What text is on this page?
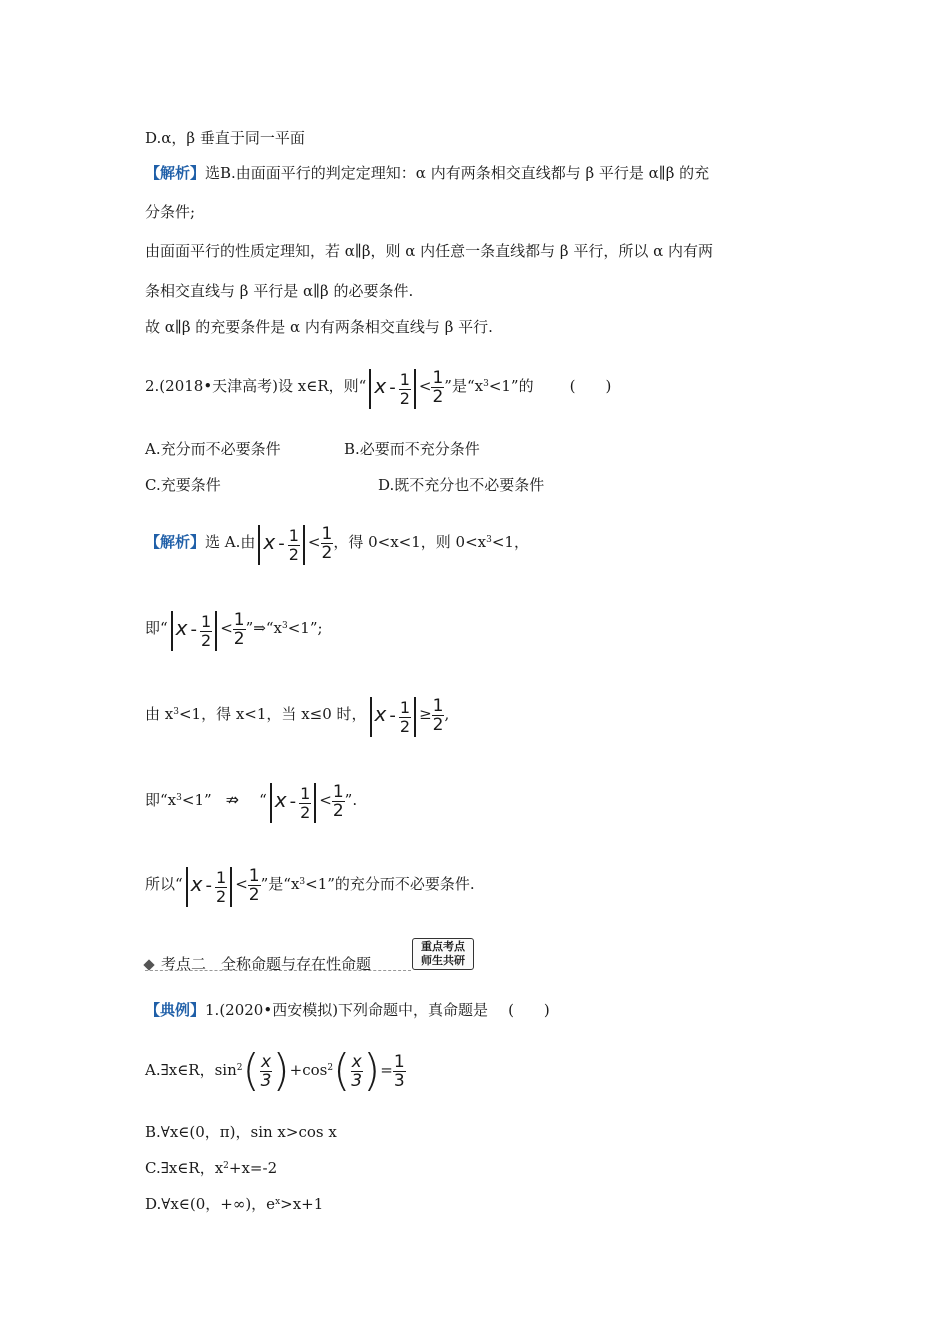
D.α，β 垂直于同一平面
【解析】选B.由面面平行的判定定理知：α 内有两条相交直线都与 β 平行是 α∥β 的充
分条件;
由面面平行的性质定理知，若 α∥β，则 α 内任意一条直线都与 β 平行，所以 α 内有两
条相交直线与 β 平行是 α∥β 的必要条件.
故 α∥β 的充要条件是 α 内有两条相交直线与 β 平行.
2.(2018•天津高考)设 x∈R，则“ $x - \frac{1}{2} < \frac{1}{2}$ ”是“$x^3<1$”的 (　　)
A.充分而不必要条件	B.必要而不充分条件
C.充要条件	D.既不充分也不必要条件
【解析】选 A.由 $x - \frac{1}{2} < \frac{1}{2}$ ，得 0<x<1，则 $0<x^3<1$，
即“ $x - \frac{1}{2} < \frac{1}{2}$ $”\Rightarrow“x^3<1$”;
由 $x^3<1$，得 x<1，当 x≤0 时， $x - \frac{1}{2} \ge \frac{1}{2}$ ,
即“$x^3<1$” ⇏ “ $x - \frac{1}{2} < \frac{1}{2}$ ”.
所以“ $x - \frac{1}{2} < \frac{1}{2}$ ”是“$x^3<1$”的充分而不必要条件.
考点二　全称命题与存在性命题
重点考点
师生共研
【典例】1.(2020•西安模拟)下列命题中，真命题是 (　　)
A.∃x∈R，$\sin^2( \frac{x}{3} )+\cos^2( \frac{x}{3}$ )= $\frac{1}{3}$
B.∀x∈(0，π)，sin x>cos x
C.∃x∈R，$x^2+x=-2$
D.∀x∈(0，+∞)，$e^x>x+1$
